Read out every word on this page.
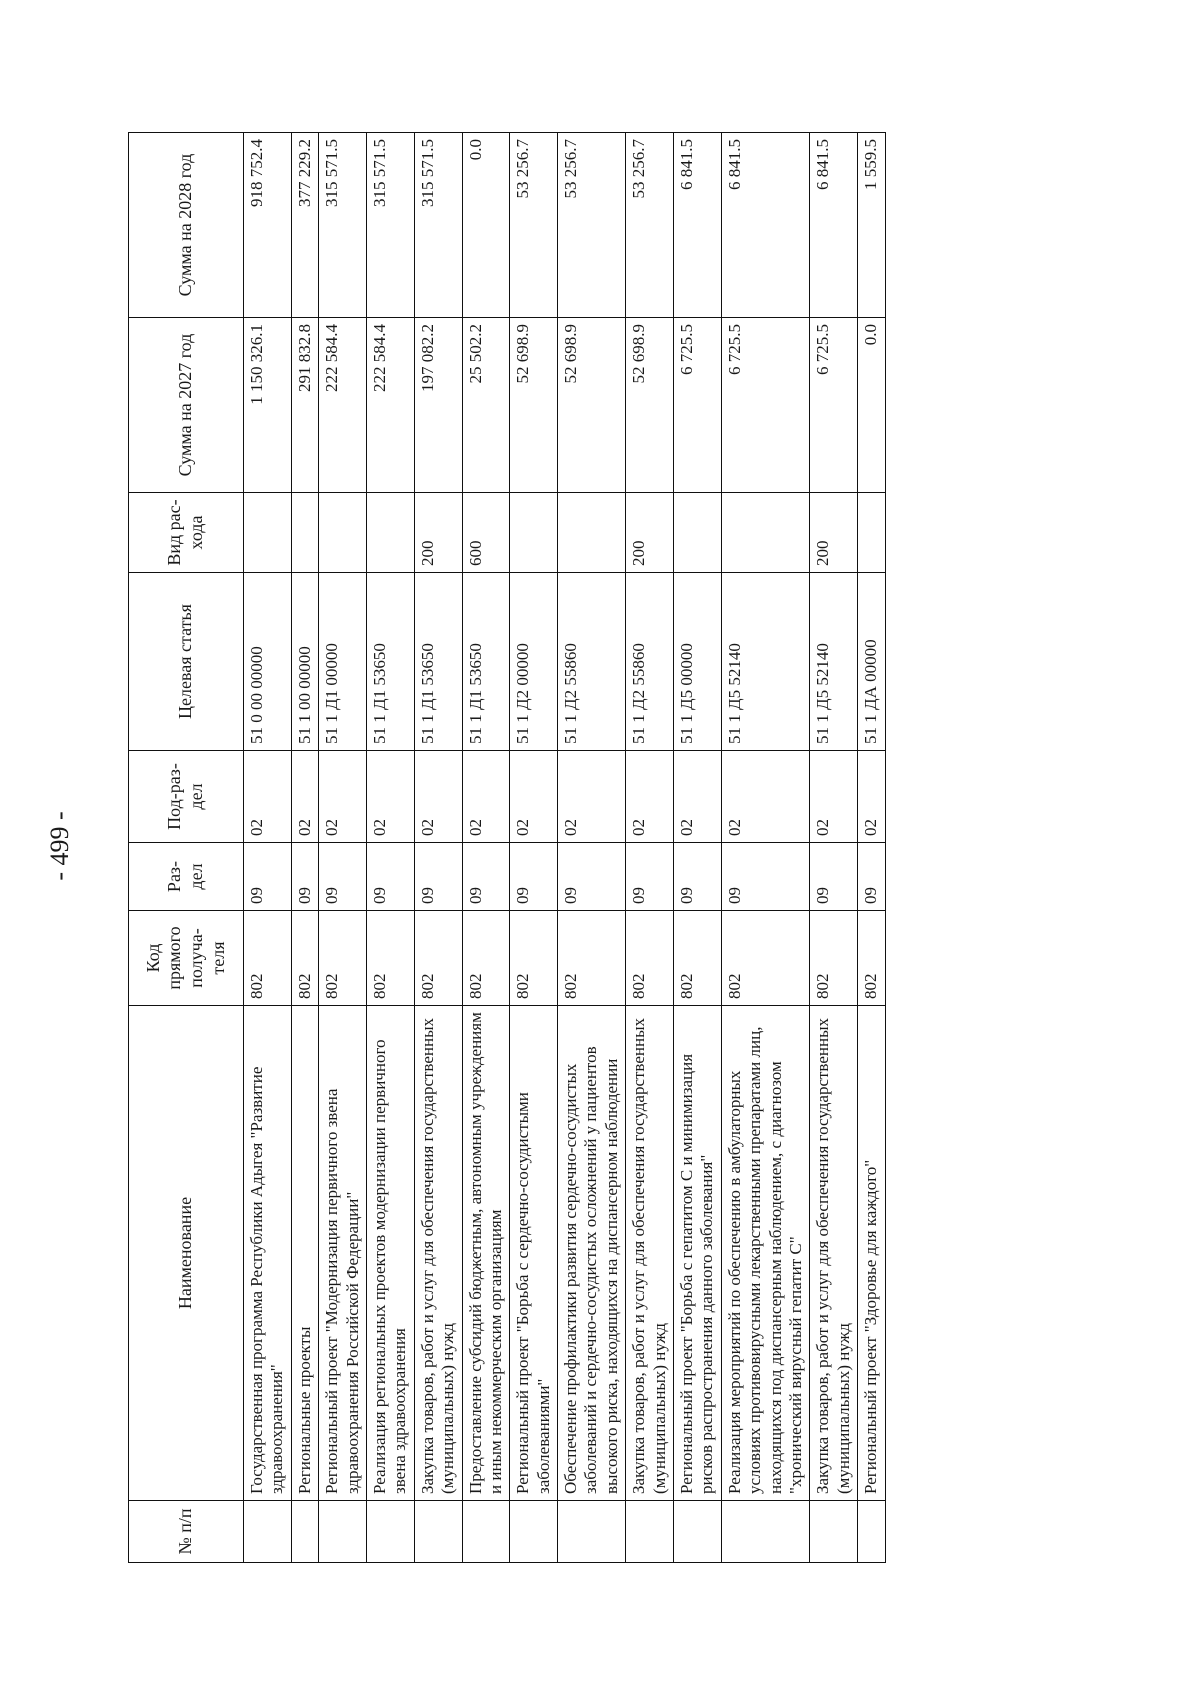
- 499 -
№ п/п	Наименование	Код прямого получа-теля	Раз-дел	Под-раз-дел	Целевая статья	Вид рас-хода	Сумма на 2027 год	Сумма на 2028 год
	Государственная программа Республики Адыгея "Развитие здравоохранения"	802	09	02	51 0 00 00000		1 150 326.1	918 752.4
	Региональные проекты	802	09	02	51 1 00 00000		291 832.8	377 229.2
	Региональный проект "Модернизация первичного звена здравоохранения Российской Федерации"	802	09	02	51 1 Д1 00000		222 584.4	315 571.5
	Реализация региональных проектов модернизации первичного звена здравоохранения	802	09	02	51 1 Д1 53650		222 584.4	315 571.5
	Закупка товаров, работ и услуг для обеспечения государственных (муниципальных) нужд	802	09	02	51 1 Д1 53650	200	197 082.2	315 571.5
	Предоставление субсидий бюджетным, автономным учреждениям и иным некоммерческим организациям	802	09	02	51 1 Д1 53650	600	25 502.2	0.0
	Региональный проект "Борьба с сердечно-сосудистыми заболеваниями"	802	09	02	51 1 Д2 00000		52 698.9	53 256.7
	Обеспечение профилактики развития сердечно-сосудистых заболеваний и сердечно-сосудистых осложнений у пациентов высокого риска, находящихся на диспансерном наблюдении	802	09	02	51 1 Д2 55860		52 698.9	53 256.7
	Закупка товаров, работ и услуг для обеспечения государственных (муниципальных) нужд	802	09	02	51 1 Д2 55860	200	52 698.9	53 256.7
	Региональный проект "Борьба с гепатитом С и минимизация рисков распространения данного заболевания"	802	09	02	51 1 Д5 00000		6 725.5	6 841.5
	Реализация мероприятий по обеспечению в амбулаторных условиях противовирусными лекарственными препаратами лиц, находящихся под диспансерным наблюдением, с диагнозом "хронический вирусный гепатит С"	802	09	02	51 1 Д5 52140		6 725.5	6 841.5
	Закупка товаров, работ и услуг для обеспечения государственных (муниципальных) нужд	802	09	02	51 1 Д5 52140	200	6 725.5	6 841.5
	Региональный проект "Здоровье для каждого"	802	09	02	51 1 ДА 00000		0.0	1 559.5
